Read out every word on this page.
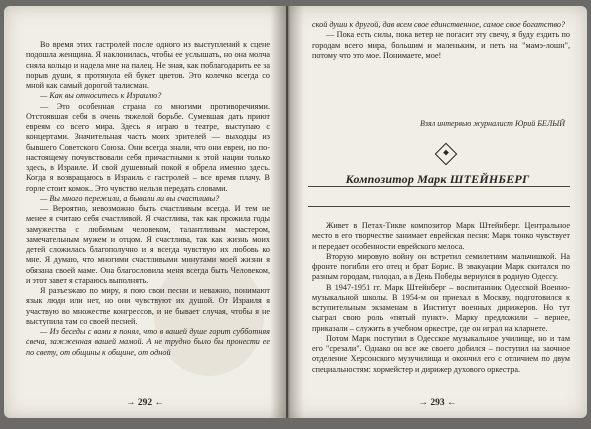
Во время этих гастролей после одного из выступлений к сцене подошла женщина. Я наклонилась, чтобы ее услышать, но она молча сняла кольцо и надела мне на палец. Не зная, как поблагодарить ее за порыв души, я протянула ей букет цветов. Это колечко всегда со мной как самый дорогой талисман.

— Как вы относитесь к Израилю?

— Это особенная страна со многими противоречиями. Отстоявшая себя в очень тяжелой борьбе. Сумевшая дать приют евреям со всего мира. Здесь я играю в театре, выступаю с концертами. Значительная часть моих зрителей — выходцы из бывшего Советского Союза. Они всегда знали, что они евреи, но по-настоящему почувствовали себя причастными к этой нации только здесь, в Израиле. И свой душевный покой я обрела именно здесь. Когда я возвращаюсь в Израиль с гастролей – все время плачу. В горле стоит комок.. Это чувство нельзя передать словами.

— Вы много пережили, а бывали ли вы счастливы?

— Вероятно, невозможно быть счастливым всегда. И тем не менее я считаю себя счастливой. Я счастлива, так как прожила годы замужества с любимым человеком, талантливым мастером, замечательным мужем и отцом. Я счастлива, так как жизнь моих детей сложилась благополучно и я всегда чувствую их любовь ко мне. Я думаю, что многими счастливыми минутами моей жизни я обязана своей маме. Она благословила меня всегда быть Человеком, и этот завет я стараюсь выполнять.

Я разъезжаю по миру, я пою свои песни и неважно, понимают язык люди или нет, но они чувствуют их душой. От Израиля я участвую во множестве конгрессов, и не бывает случая, чтобы я не выступила там со своей песней.

— Из беседы с вами я понял, что в вашей душе горит субботняя свеча, зажженная вашей мамой. А не трудно было бы пронести ее по свету, от общины к общине, от одной

→ 292 ←

ской души к другой, дав всем свое единственное, самое свое богатство?

— Пока есть силы, пока ветер не погасит эту свечу, я буду ездить по городам всего мира, большим и маленьким, и петь на "мамэ-лошн", потому что это мое. Понимаете, мое!

Взял интервью журналист Юрий БЕЛЫЙ
Композитор Марк ШТЕЙНБЕРГ

Живет в Петах-Тикве композитор Марк Штейнберг. Центральное место в его творчестве занимает еврейская песня: Марк тонко чувствует и передает особенности еврейского мелоса.

Вторую мировую войну он встретил семилетним мальчишкой. На фронте погибли его отец и брат Борис. В эвакуации Марк скитался по разным городам, голодал, а в День Победы вернулся в родную Одессу.

В 1947-1951 гг. Марк Штейнберг – воспитанник Одесской Военно-музыкальной школы. В 1954-м он приехал в Москву, подготовился к вступительным экзаменам в Институт военных дирижеров. Но тут сыграл свою роль «пятый пункт». Марку предложили – вернее, приказали – служить в учебном оркестре, где он играл на кларнете.

Потом Марк поступил в Одесское музыкальное училище, но и там его "срезали". Однако он все же своего добился – поступил на заочное отделение Херсонского музучилища и окончил его с отличием по двум специальностям: хормейстер и дирижер духового оркестра.

→ 293 ←
